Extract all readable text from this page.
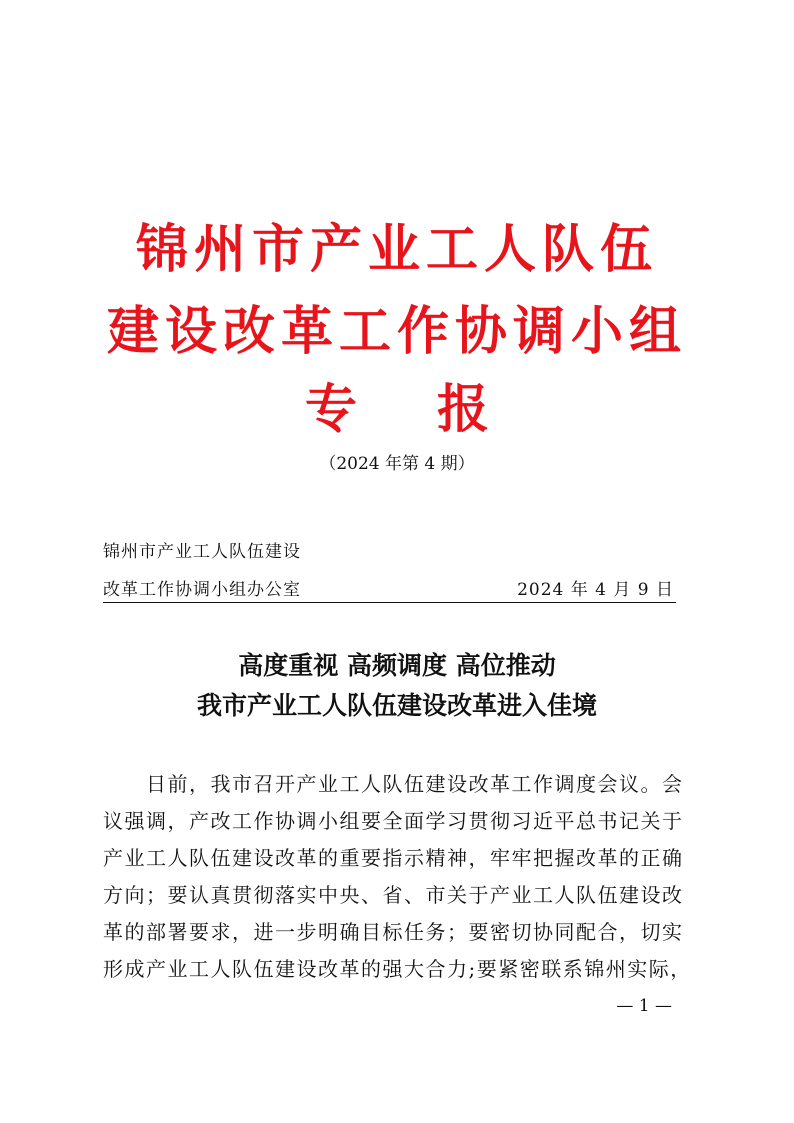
锦州市产业工人队伍
建设改革工作协调小组
专 报
（2024 年第 4 期）
锦州市产业工人队伍建设
改革工作协调小组办公室	2024 年 4 月 9 日
高度重视 高频调度 高位推动
我市产业工人队伍建设改革进入佳境
　　日前，我市召开产业工人队伍建设改革工作调度会议。会
议强调，产改工作协调小组要全面学习贯彻习近平总书记关于
产业工人队伍建设改革的重要指示精神，牢牢把握改革的正确
方向；要认真贯彻落实中央、省、市关于产业工人队伍建设改
革的部署要求，进一步明确目标任务；要密切协同配合，切实
形成产业工人队伍建设改革的强大合力;要紧密联系锦州实际，
— 1 —
